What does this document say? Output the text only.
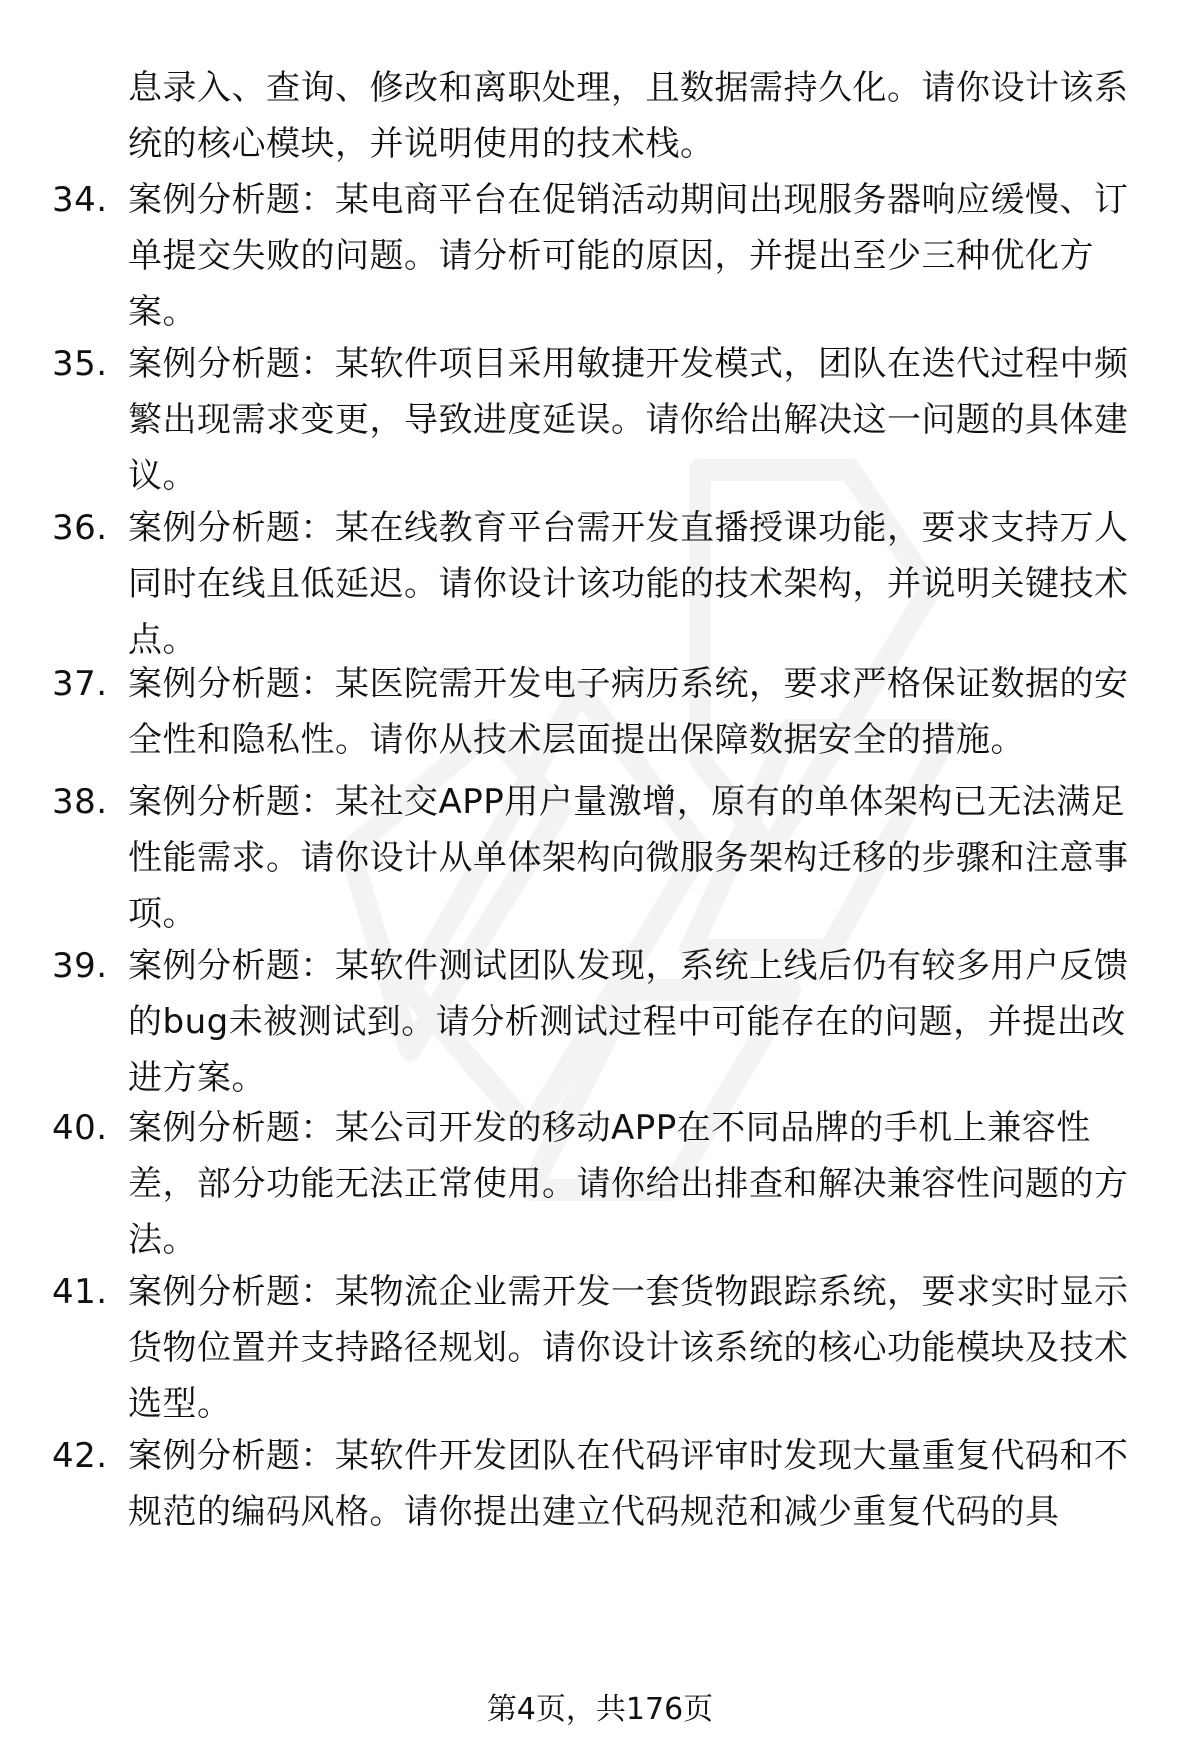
息录入、查询、修改和离职处理，且数据需持久化。请你设计该系统的核心模块，并说明使用的技术栈。
34. 案例分析题：某电商平台在促销活动期间出现服务器响应缓慢、订单提交失败的问题。请分析可能的原因，并提出至少三种优化方案。
35. 案例分析题：某软件项目采用敏捷开发模式，团队在迭代过程中频繁出现需求变更，导致进度延误。请你给出解决这一问题的具体建议。
36. 案例分析题：某在线教育平台需开发直播授课功能，要求支持万人同时在线且低延迟。请你设计该功能的技术架构，并说明关键技术点。
37. 案例分析题：某医院需开发电子病历系统，要求严格保证数据的安全性和隐私性。请你从技术层面提出保障数据安全的措施。
38. 案例分析题：某社交APP用户量激增，原有的单体架构已无法满足性能需求。请你设计从单体架构向微服务架构迁移的步骤和注意事项。
39. 案例分析题：某软件测试团队发现，系统上线后仍有较多用户反馈的bug未被测试到。请分析测试过程中可能存在的问题，并提出改进方案。
40. 案例分析题：某公司开发的移动APP在不同品牌的手机上兼容性差，部分功能无法正常使用。请你给出排查和解决兼容性问题的方法。
41. 案例分析题：某物流企业需开发一套货物跟踪系统，要求实时显示货物位置并支持路径规划。请你设计该系统的核心功能模块及技术选型。
42. 案例分析题：某软件开发团队在代码评审时发现大量重复代码和不规范的编码风格。请你提出建立代码规范和减少重复代码的具
第4页，共176页
